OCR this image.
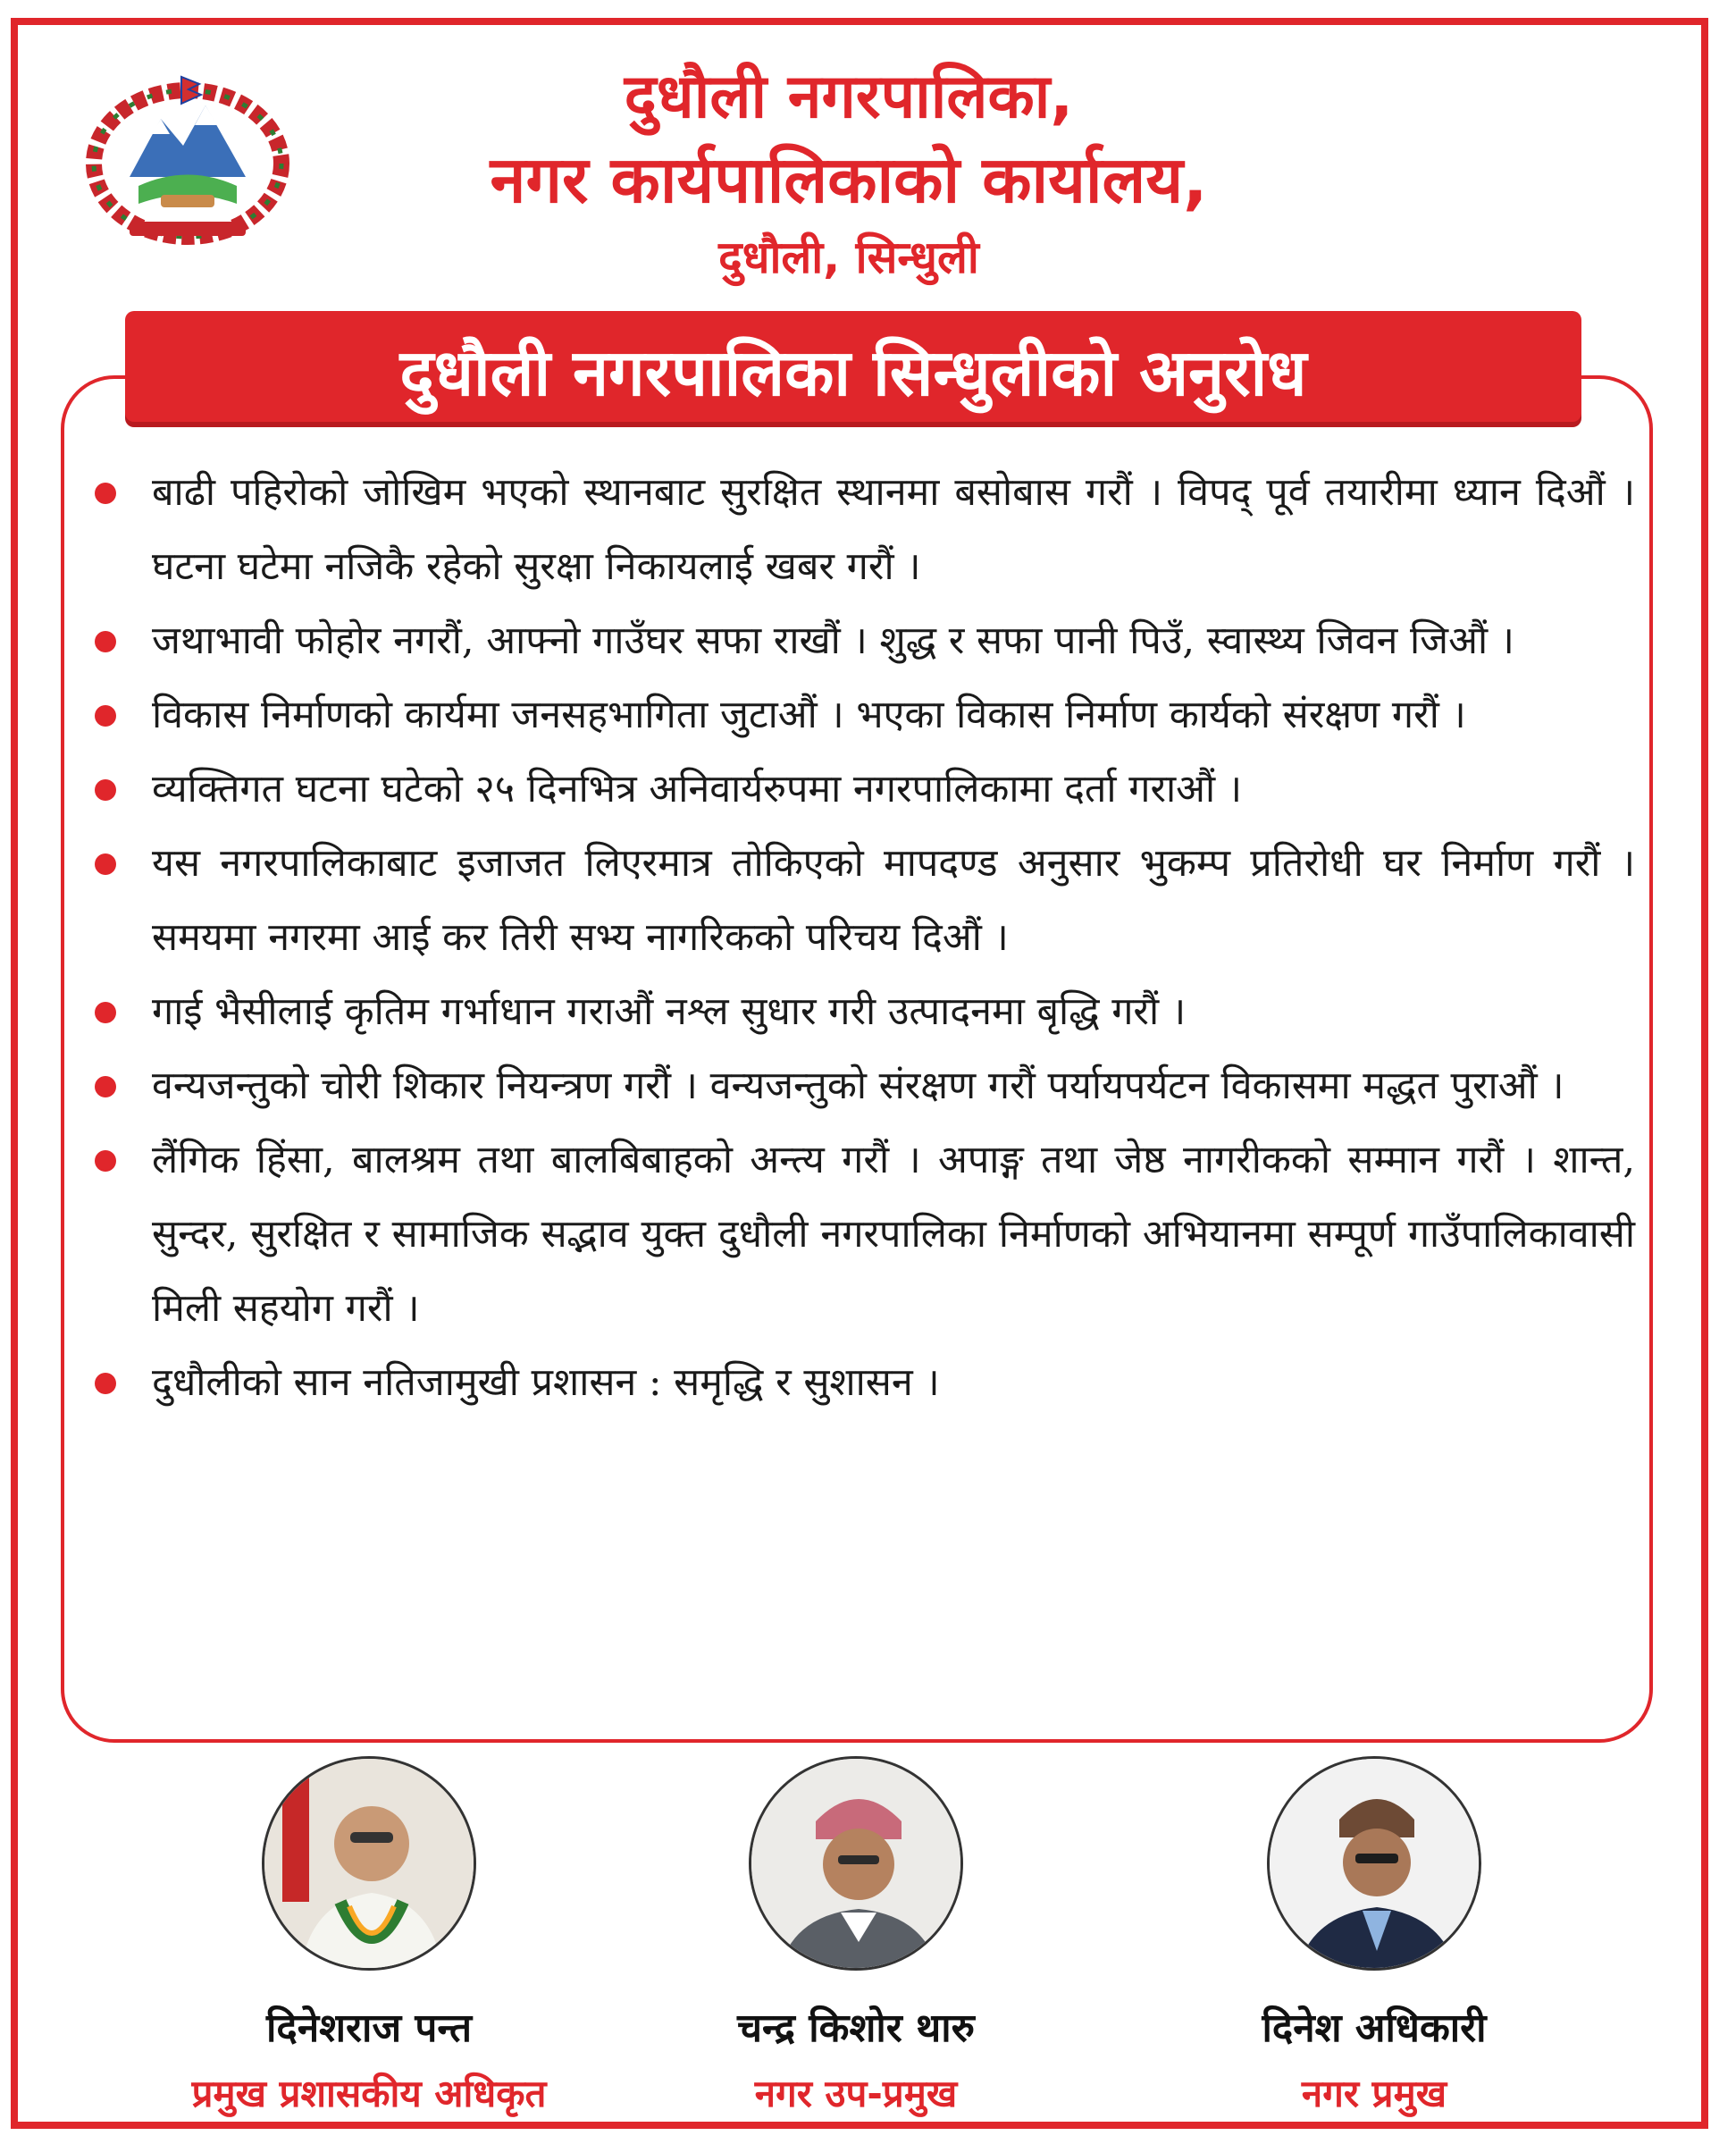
दुधौली नगरपालिका,
नगर कार्यपालिकाको कार्यालय,
दुधौली, सिन्धुली
दुधौली नगरपालिका सिन्धुलीको अनुरोध
बाढी पहिरोको जोखिम भएको स्थानबाट सुरक्षित स्थानमा बसोबास गरौं । विपद् पूर्व तयारीमा ध्यान दिऔं । घटना घटेमा नजिकै रहेको सुरक्षा निकायलाई खबर गरौं ।
जथाभावी फोहोर नगरौं, आफ्नो गाउँघर सफा राखौं । शुद्ध र सफा पानी पिउँ, स्वास्थ्य जिवन जिऔं ।
विकास निर्माणको कार्यमा जनसहभागिता जुटाऔं । भएका विकास निर्माण कार्यको संरक्षण गरौं ।
व्यक्तिगत घटना घटेको २५ दिनभित्र अनिवार्यरुपमा नगरपालिकामा दर्ता गराऔं ।
यस नगरपालिकाबाट इजाजत लिएरमात्र तोकिएको मापदण्ड अनुसार भुकम्प प्रतिरोधी घर निर्माण गरौं ।समयमा नगरमा आई कर तिरी सभ्य नागरिकको परिचय दिऔं ।
गाई भैसीलाई कृतिम गर्भाधान गराऔं नश्ल सुधार गरी उत्पादनमा बृद्धि गरौं ।
वन्यजन्तुको चोरी शिकार नियन्त्रण गरौं । वन्यजन्तुको संरक्षण गरौं पर्यायपर्यटन विकासमा मद्धत पुराऔं ।
लैंगिक हिंसा, बालश्रम तथा बालबिबाहको अन्त्य गरौं । अपाङ्ग तथा जेष्ठ नागरीकको सम्मान गरौं । शान्त, सुन्दर, सुरक्षित र सामाजिक सद्भाव युक्त दुधौली नगरपालिका निर्माणको अभियानमा सम्पूर्ण गाउँपालिकावासी मिली सहयोग गरौं ।
दुधौलीको सान नतिजामुखी प्रशासन : समृद्धि र सुशासन ।
दिनेशराज पन्त
प्रमुख प्रशासकीय अधिकृत
चन्द्र किशोर थारु
नगर उप-प्रमुख
दिनेश अधिकारी
नगर प्रमुख
